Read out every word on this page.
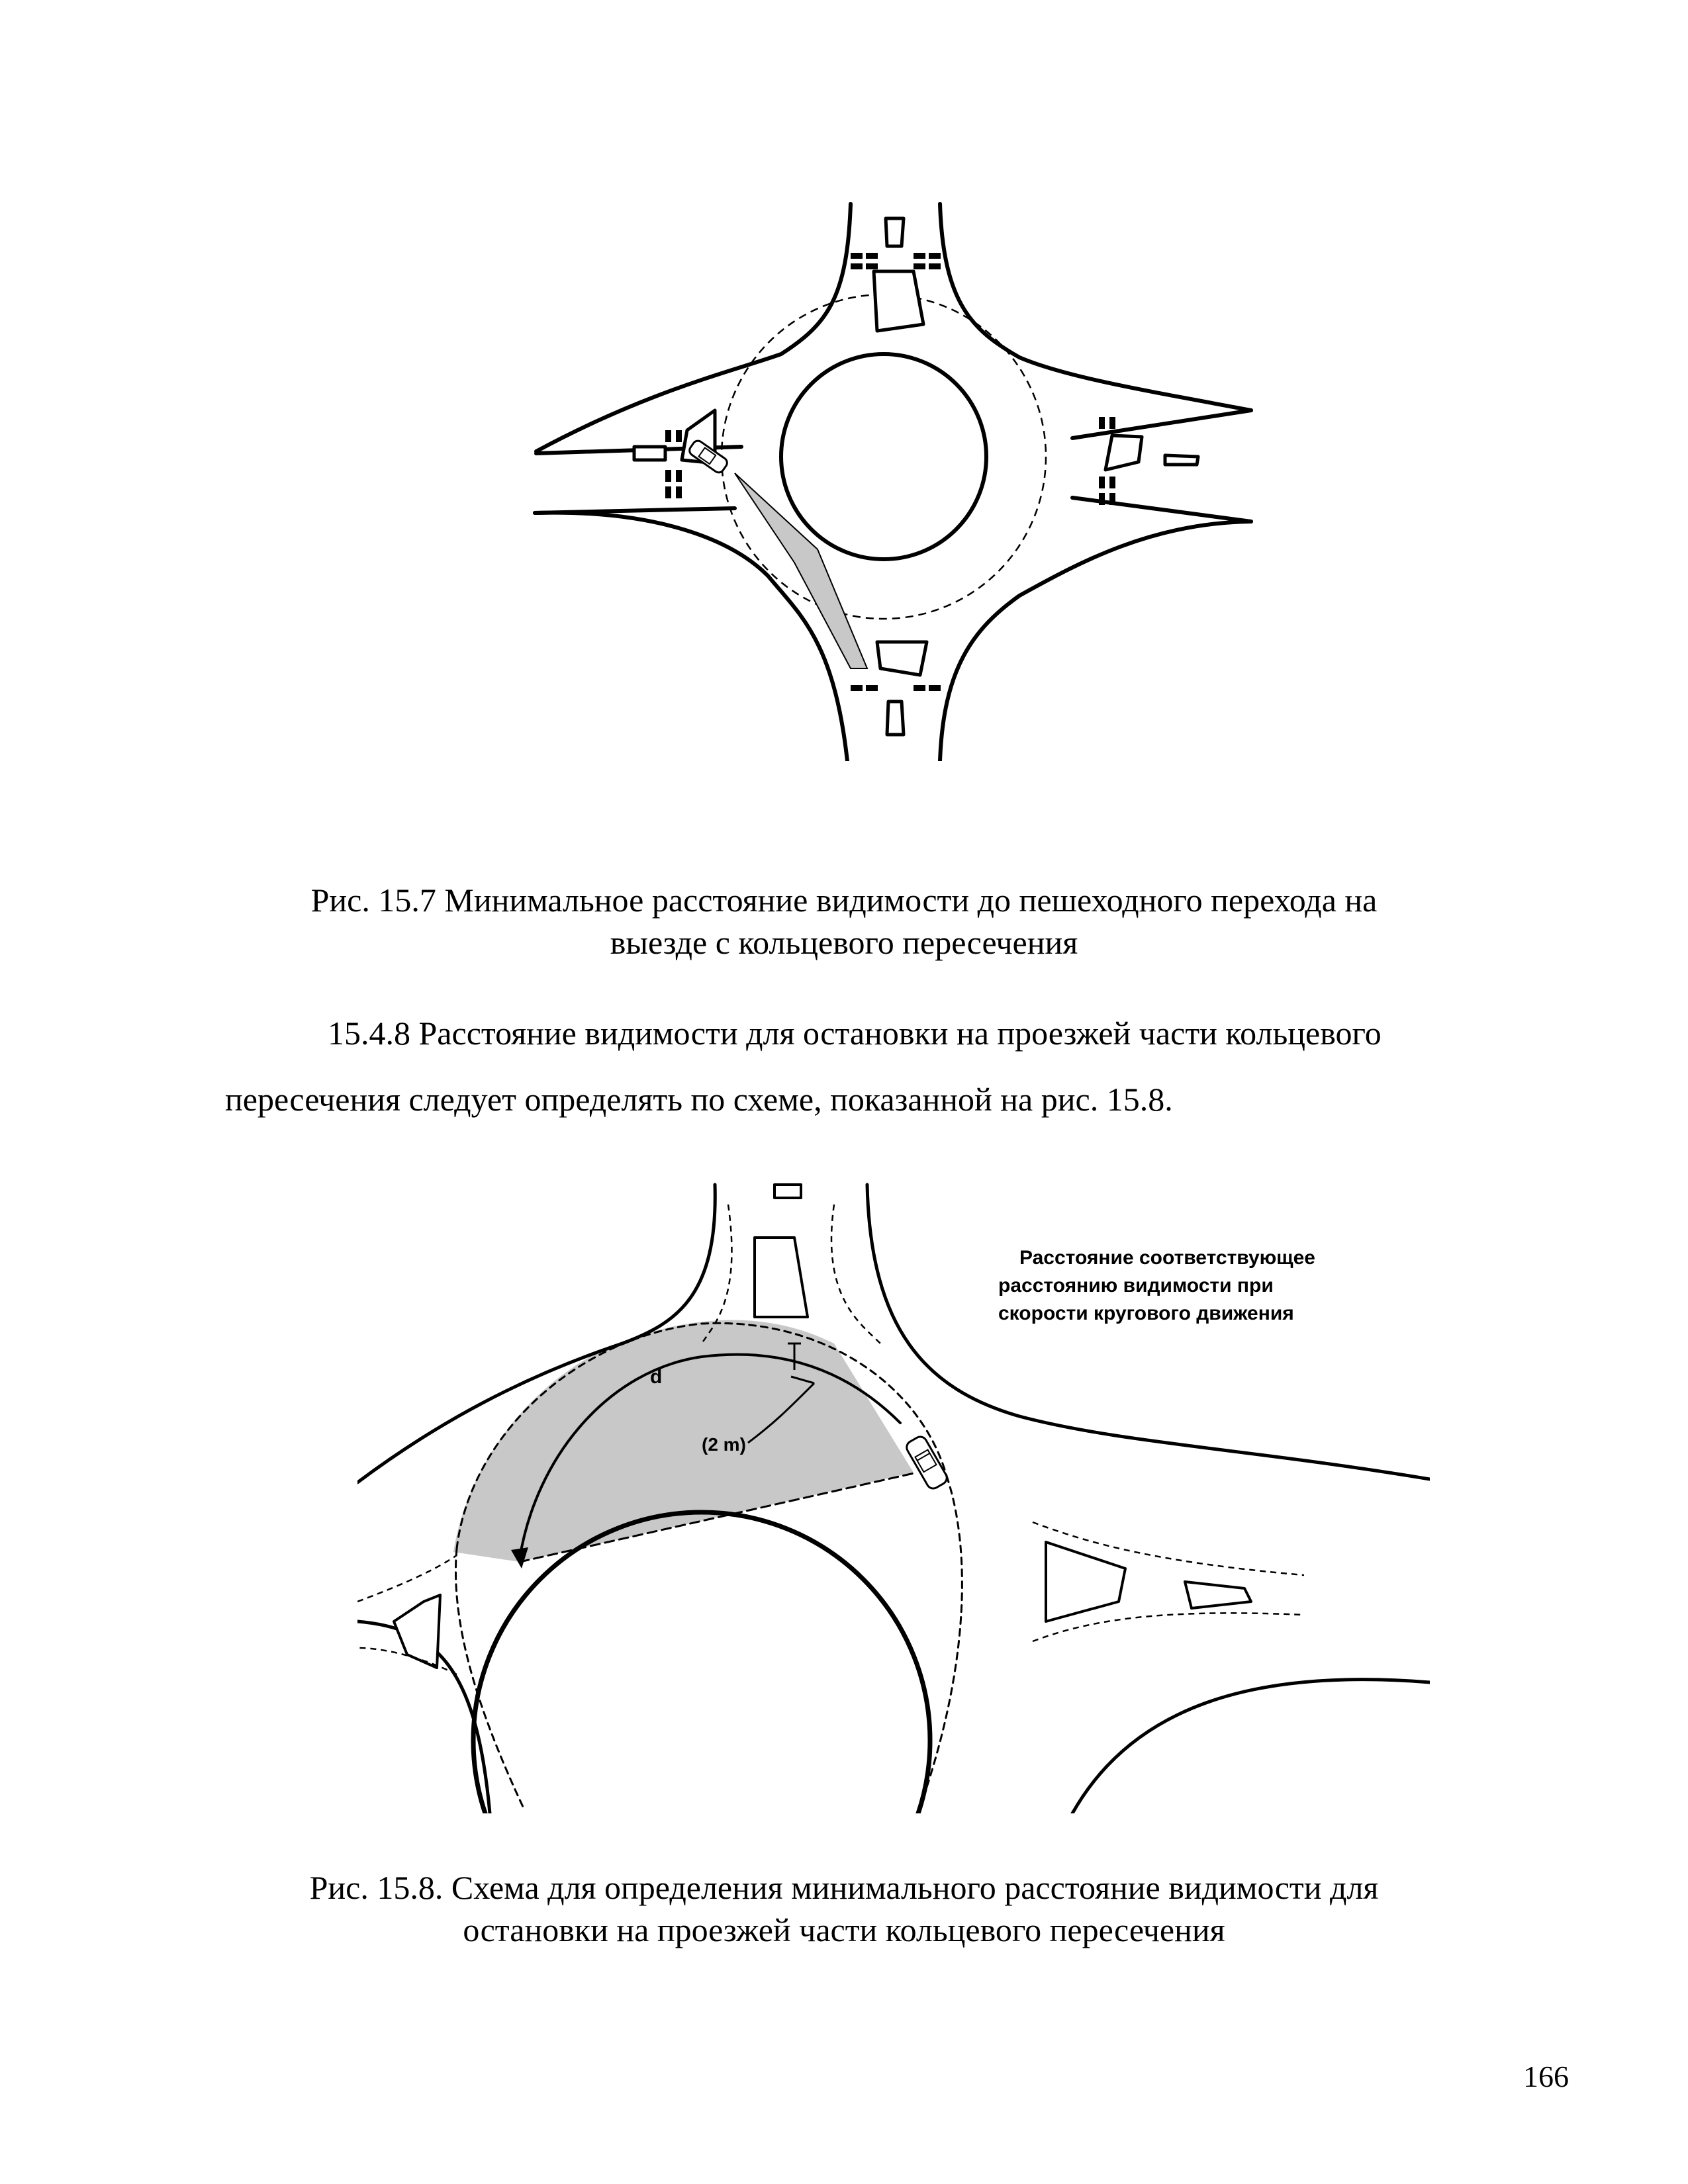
Рис. 15.7 Минимальное расстояние видимости до пешеходного перехода на
выезде с кольцевого пересечения
15.4.8 Расстояние видимости для остановки на проезжей части кольцевого
пересечения следует определять по схеме, показанной на рис. 15.8.
Расстояние соответствующее
расстоянию видимости при
скорости кругового движения
d
(2 m)
Рис. 15.8. Схема для определения минимального расстояние видимости для
остановки на проезжей части кольцевого пересечения
166
